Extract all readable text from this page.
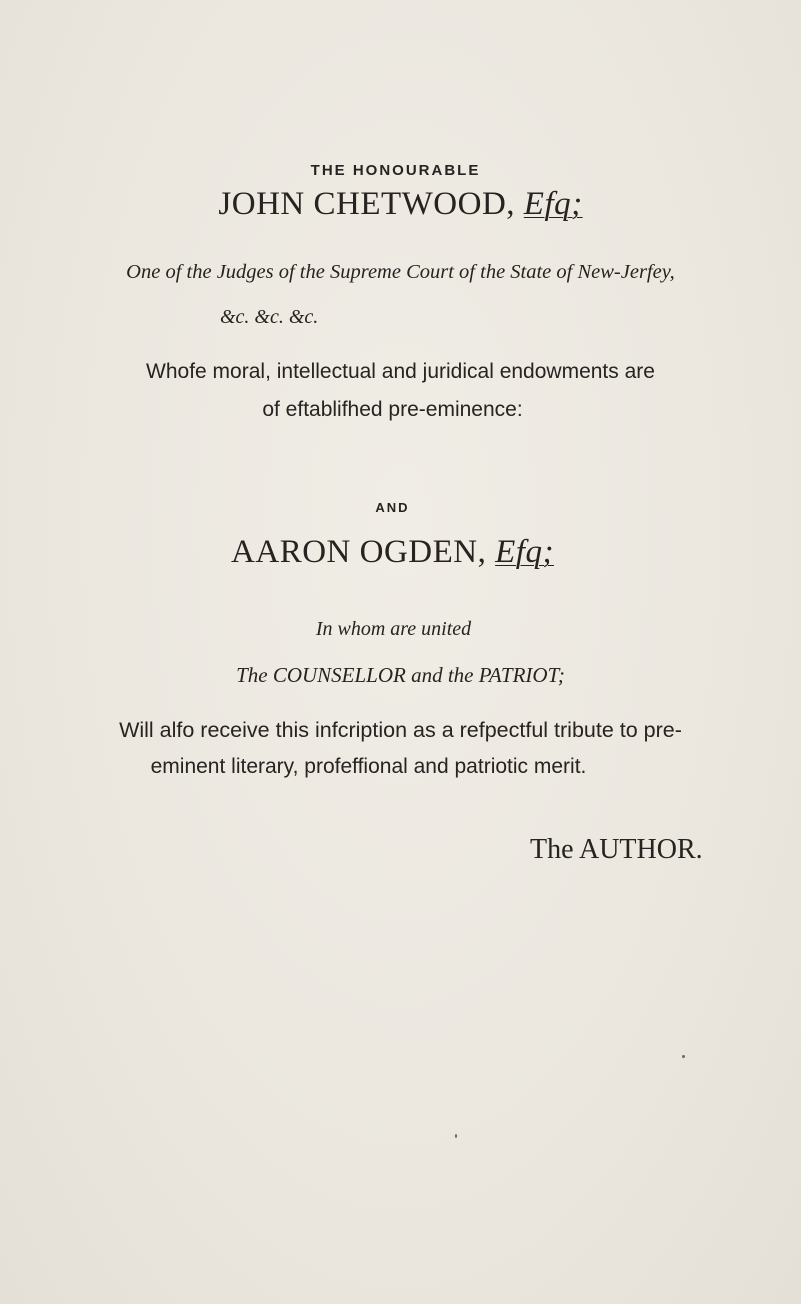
THE HONOURABLE
JOHN CHETWOOD, Efq;
One of the Judges of the Supreme Court of the State of New-Jerfey,
&c. &c. &c.
Whofe moral, intellectual and juridical endowments are
of eftablifhed pre-eminence:
AND
AARON OGDEN, Efq;
In whom are united
The COUNSELLOR and the PATRIOT;
Will alfo receive this infcription as a refpectful tribute to pre-
eminent literary, profeffional and patriotic merit.
The AUTHOR.
